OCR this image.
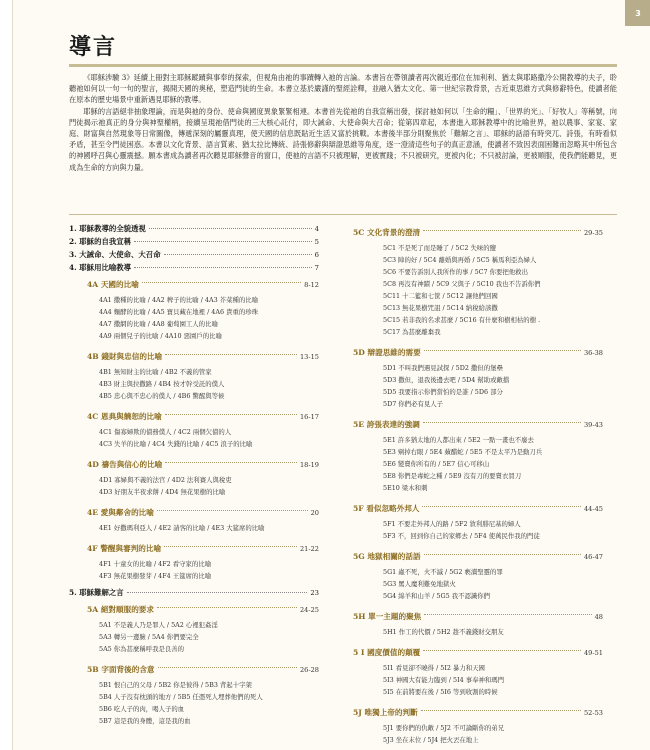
3
導言

《耶穌涉驗 3》延續上冊對主耶穌蹤蹟與事奉的探索，但視角由祂的事蹟轉入祂的言論。本書旨在帶領讀者再次親近那位在加利利、猶太與耶路撒冷公開教導的夫子，聆聽祂如何以一句一句的聖言，揭開天國的奧秘，塑造門徒的生命。本書立基於嚴謹的聖經詮釋，並融入猶太文化、第一世紀宗教背景，古近東思維方式與修辭特色，使讀者能在原本的歷史場景中重新遇見耶穌的教導。

耶穌的言語絕非抽象理論，而是與祂的身份、使命與國度異象緊緊相連。本書首先從祂的自我宣稱出發，探討祂如何以「生命的糧」、「世界的光」、「好牧人」等稱號，向門徒揭示祂真正的身分與神聖權柄，接續呈現祂借門徒的三大核心託付，即大誡命、大使命與大召命；從第四章起，本書進入耶穌教導中的比喻世界，祂以農事、家宴、家庭、財富與自然現象等日常圖像，傳遞深刻的屬靈真理，使天國的信息既貼近生活又富於挑戰。本書後半部分則聚焦於「難解之言」、耶穌的話語有時突兀、詩張，有時看似矛盾，甚至令門徒困惑。本書以文化背景、語言質素、猶太拉比傳統、詩張修辭與辯證思維等角度，逐一澄清這些句子的真正意涵，使讀者不致因表面困難而忽略其中所包含的神國呼召與心靈震撼。願本書成為讀者再次聽見耶穌聲音的窗口，使祂的言語不只被理解，更被實踐；不只被研究，更被內化；不只被討論，更被順服，使我們能聽見，更成為生命的方向與力量。

1. 耶穌教導的全貌透視	4
2. 耶穌的自我宣稱	5
3. 大誡命、大使命、大召命	6
4. 耶穌用比喻教導	7
4A 天國的比喻	8-12
4A1 撒種的比喻 / 4A2 稗子的比喻 / 4A3 芥菜種的比喻
4A4 麵酵的比喻 / 4A5 寶貝藏在地裡 / 4A6 貴重的珍珠
4A7 撒網的比喻 / 4A8 葡萄園工人的比喻
4A9 兩個兒子的比喻 / 4A10 惡園戶的比喻
4B 錢財與忠信的比喻	13-15
4B1 無知財主的比喻 / 4B2 不義的管家
4B3 財主與拉撒路 / 4B4 按才幹受託的僕人
4B5 忠心與不忠心的僕人 / 4B6 驚醒與等候
4C 恩典與饒恕的比喻	16-17
4C1 傷寡婦欺的債務僕人 / 4C2 兩個欠債的人
4C3 失羊的比喻 / 4C4 失錢的比喻 / 4C5 浪子的比喻
4D 禱告與信心的比喻	18-19
4D1 寡婦與不義的法官 / 4D2 法利賽人與稅吏
4D3 好朋友半夜求餅 / 4D4 無花果樹的比喻
4E 愛與鄰舍的比喻	20
4E1 好撒瑪利亞人 / 4E2 請客的比喻 / 4E3 大筵席的比喻
4F 警醒與審判的比喻	21-22
4F1 十童女的比喻 / 4F2 看守家的比喻
4F3 無花果樹發芽 / 4F4 王筵席的比喻
5. 耶穌難解之言	23
5A 絕對順服的要求	24-25
5A1 不是義人乃是罪人 / 5A2 心裡犯姦淫
5A3 轉另一邊臉 / 5A4 你們要完全
5A5 你為甚麼稱呼我是良善的
5B 字面背後的含意	26-28
5B1 恨自己的父母 / 5B2 你是彼得 / 5B3 背起十字架
5B4 人子沒有枕頭的地方 / 5B5 任憑死人埋葬他們的死人
5B6 吃人子的肉，喝人子的血
5B7 這是我的身體，這是我的血
5C 文化背景的澄清	29-35
5C1 不是死了而是睡了 / 5C2 失味的鹽
5C3 陣的好 / 5C4 離婚與再婚 / 5C5 稱馬利亞為婦人
5C6 不要告訴別人我所作的事 / 5C7 你要把他救出
5C8 再沒有神蹟 / 5C9 父與子 / 5C10 我也不告訴你們
5C11 十二籃和七筐 / 5C12 讓他們回國
5C13 無花果樹咒詛 / 5C14 納稅給該撒
5C15 若非我的名求甚麼 / 5C16 有什麼和樹相枯的樹 .
5C17 為甚麼離棄我
5D 辯證思維的需要	36-38
5D1 不叫我們遇見試探 / 5D2 撒但的堡壘
5D3 撒但，退我後邊去吧 / 5D4 幫助或敵擋
5D5 我要指示你們當怕的是誰 / 5D6 部分
5D7 你們必有見人子
5E 誇張表達的強調	39-43
5E1 許多猶太地的人都出來 / 5E2 一點一畫也不廢去
5E3 剜掉右眼 / 5E4 蘋醋蛇 / 5E5 不是太平乃是動刀兵
5E6 變賣你所有的 / 5E7 信心可移山
5E8 你們是毒蛇之種 / 5E9 沒有刀的要賣衣買刀
5E10 梁木和刺
5F 看似忽略外邦人	44-45
5F1 不要走外邦人的路 / 5F2 敘利腓尼基的婦人
5F3 不，回到你自己的家鄉去 / 5F4 使萬民作我的門徒
5G 地獄相關的話語	46-47
5G1 蟲不死，火不滅 / 5G2 褻瀆聖靈的罪
5G3 罵人魔利難免地獄火
5G4 綿羊和山羊 / 5G5 我不認識你們
5H 單一主題的聚焦	48
5H1 作工的代價 / 5H2 趁不義錢財交朋友
5 I 國度價值的顛覆	49-51
5I1 看見卻不曉得 / 5I2 暴力和天國
5I3 神國大有能力臨到 / 5I4 事奉神和瑪門
5I5 在前將要在後 / 5I6 等到收割的時候
5J 唯獨上帝的判斷	52-53
5J1 要你們的仇敵 / 5J2 不可論斷你的弟兄
5J3 坐在末位 / 5J4 把火丟在地上
